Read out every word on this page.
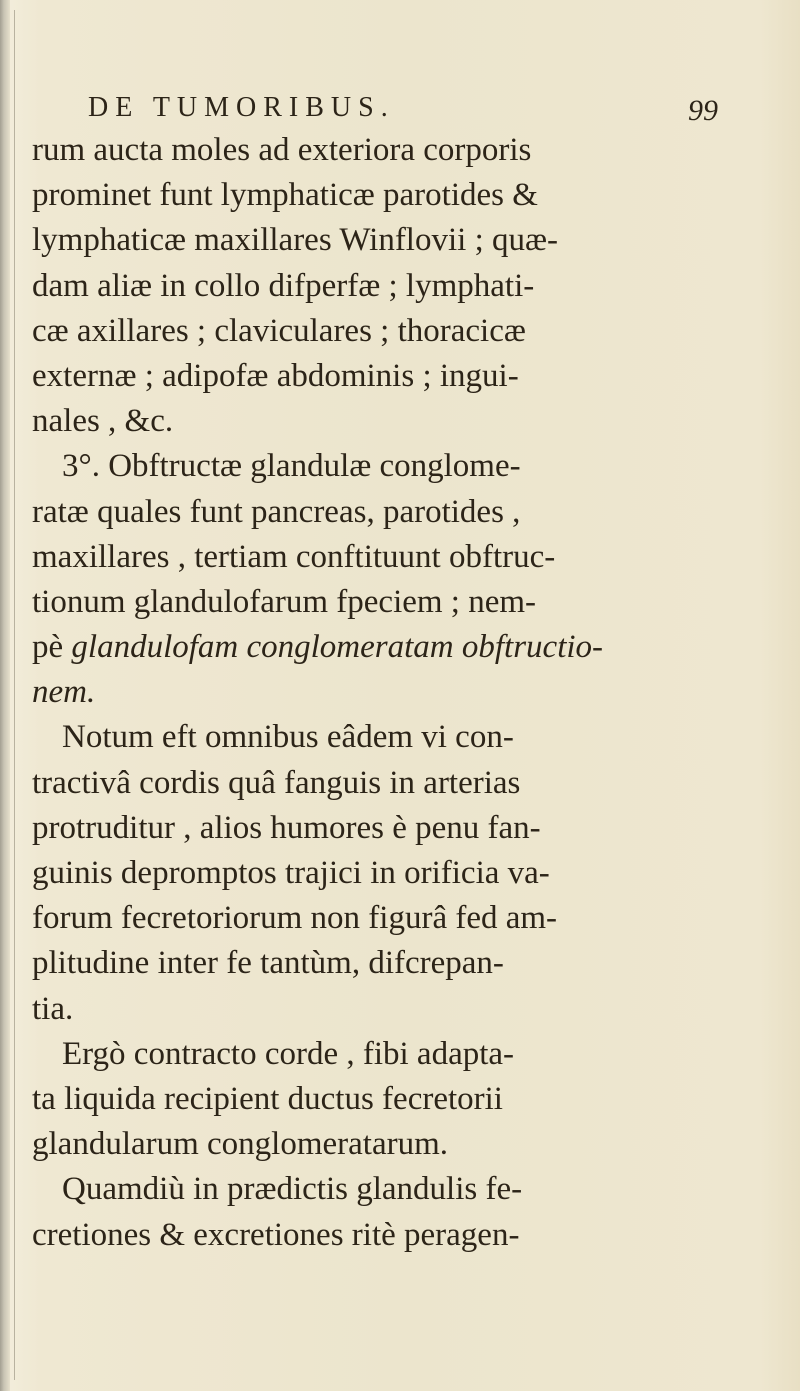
DE TUMORIBUS.	99
rum aucta moles ad exteriora corporis
prominet funt lymphaticæ parotides &
lymphaticæ maxillares Winflovii ; quæ-
dam aliæ in collo difperfæ ; lymphati-
cæ axillares ; claviculares ; thoracicæ
externæ ; adipofæ abdominis ; ingui-
nales , &c.
3°. Obftructæ glandulæ conglome-
ratæ quales funt pancreas, parotides ,
maxillares , tertiam conftituunt obftruc-
tionum glandulofarum fpeciem ; nem-
pè glandulofam conglomeratam obftructio-
nem.
Notum eft omnibus eâdem vi con-
tractivâ cordis quâ fanguis in arterias
protruditur , alios humores è penu fan-
guinis depromptos trajici in orificia va-
forum fecretoriorum non figurâ fed am-
plitudine inter fe tantùm, difcrepan-
tia.
Ergò contracto corde , fibi adapta-
ta liquida recipient ductus fecretorii
glandularum conglomeratarum.
Quamdiù in prædictis glandulis fe-
cretiones & excretiones ritè peragen-
